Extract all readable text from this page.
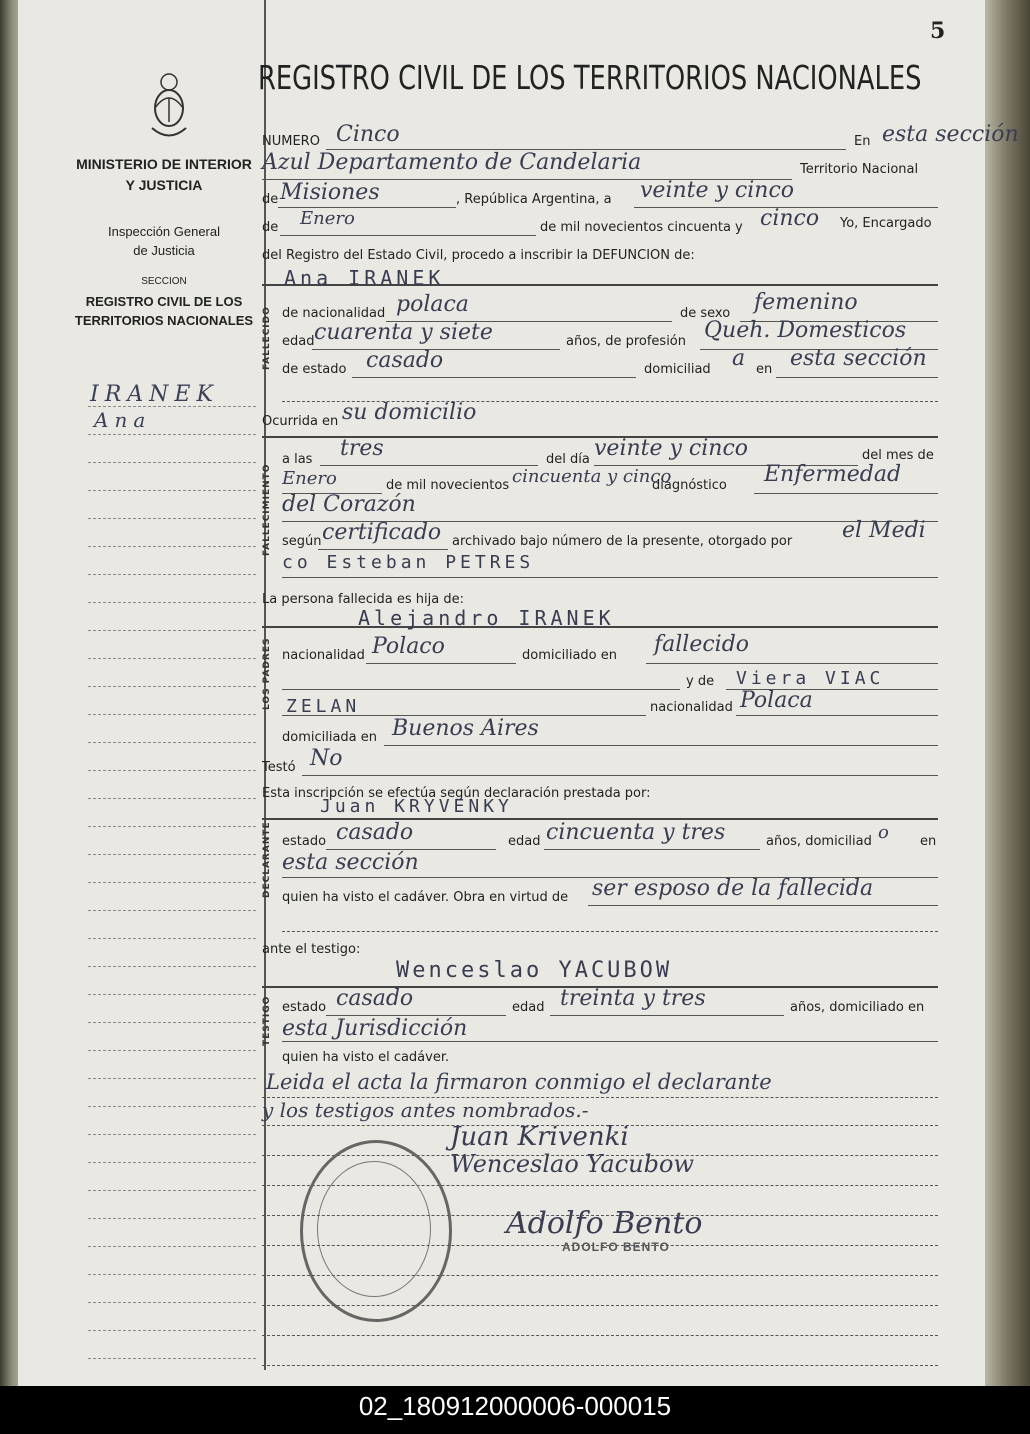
MINISTERIO DE INTERIOR
Y JUSTICIA
Inspección General
de Justicia
SECCION
REGISTRO CIVIL DE LOS
TERRITORIOS NACIONALES
IRANEK
Ana
5
REGISTRO CIVIL DE LOS TERRITORIOS NACIONALES
NUMERO Cinco	En esta sección
Azul Departamento de Candelaria	Territorio Nacional
de Misiones	, República Argentina, a veinte y cinco
de Enero	de mil novecientos cincuenta y cinco Yo, Encargado
del Registro del Estado Civil, procedo a inscribir la DEFUNCION de:
FALLECIDO
Ana IRANEK
de nacionalidad polaca	de sexo femenino
edad cuarenta y siete	años, de profesión Queh. Domesticos
de estado casado	domiciliad a en esta sección
Ocurrida en su domicilio
FALLECIMIENTO
a las tres	del día veinte y cinco	del mes de
Enero	de mil novecientos cincuenta y cinco
diagnóstico Enfermedad
del Corazón
según certificado archivado bajo número de la presente, otorgado por el Medi
co Esteban PETRES
La persona fallecida es hija de:
LOS PADRES
Alejandro IRANEK
nacionalidad Polaco	domiciliado en fallecido
y de Viera VIAC
ZELAN	nacionalidad Polaca
domiciliada en Buenos Aires
Testó No
Esta inscripción se efectúa según declaración prestada por:
DECLARANTE
Juan KRYVENKY
estado casado	edad cincuenta y tres	años, domiciliad o en
esta sección
quien ha visto el cadáver. Obra en virtud de ser esposo de la fallecida
ante el testigo:
TESTIGO
Wenceslao YACUBOW
estado casado	edad treinta y tres	años, domiciliado en
esta Jurisdicción
quien ha visto el cadáver.
Leida el acta la firmaron conmigo el declarante
y los testigos antes nombrados.-
Juan Krivenki
Wenceslao Yacubow
Adolfo Bento
ADOLFO BENTO
02_180912000006-000015
